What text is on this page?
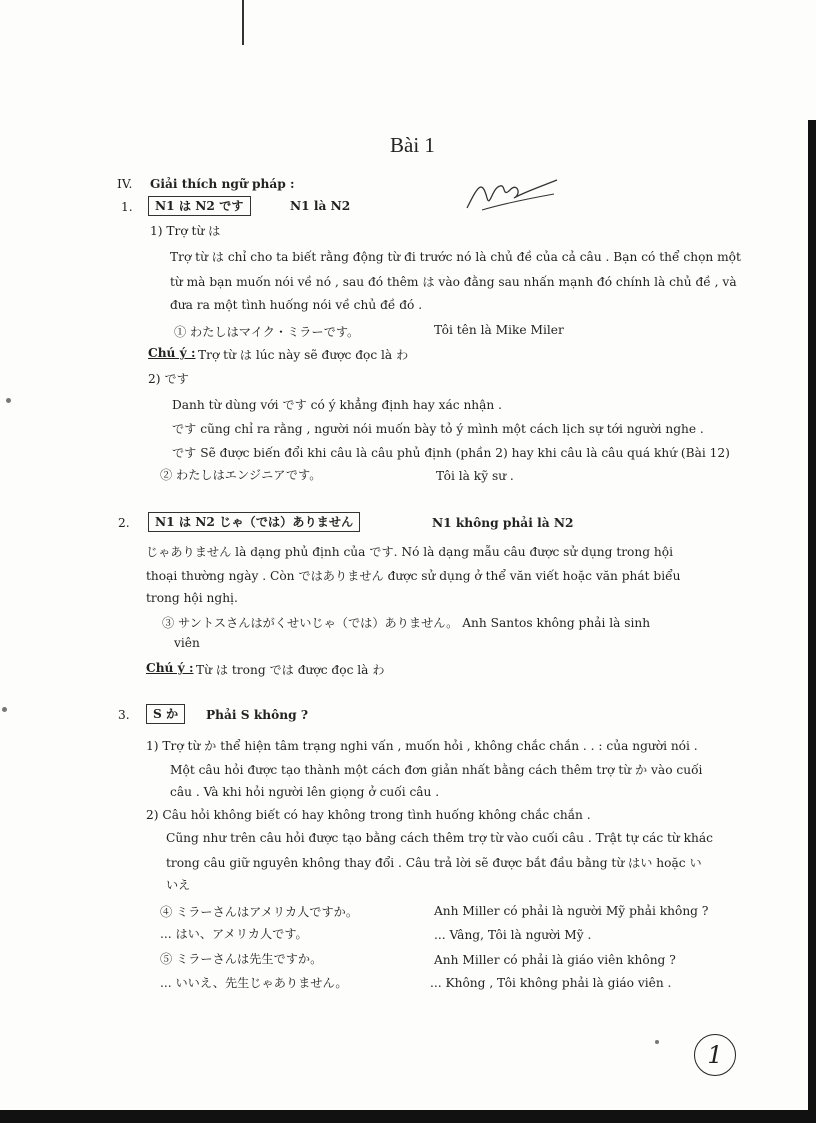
Bài 1
IV. Giải thích ngữ pháp :
1.	N1 は N2 です	N1 là N2
1) Trợ từ は
Trợ từ は chỉ cho ta biết rằng động từ đi trước nó là chủ đề của cả câu . Bạn có thể chọn một
từ mà bạn muốn nói về nó , sau đó thêm は vào đằng sau nhấn mạnh đó chính là chủ đề , và
đưa ra một tình huống nói về chủ đề đó .
① わたしはマイク・ミラーです。	Tôi tên là Mike Miler
Chú ý : Trợ từ は lúc này sẽ được đọc là わ
2) です
Danh từ dùng với です có ý khẳng định hay xác nhận .
です cũng chỉ ra rằng , người nói muốn bày tỏ ý mình một cách lịch sự tới người nghe .
です Sẽ được biến đổi khi câu là câu phủ định (phần 2) hay khi câu là câu quá khứ (Bài 12)
② わたしはエンジニアです。	Tôi là kỹ sư .
2.	N1 は N2 じゃ（では）ありません	N1 không phải là N2
じゃありません là dạng phủ định của です. Nó là dạng mẫu câu được sử dụng trong hội
thoại thường ngày . Còn ではありません được sử dụng ở thể văn viết hoặc văn phát biểu
trong hội nghị.
③ サントスさんはがくせいじゃ（では）ありません。 Anh Santos không phải là sinh
viên
Chú ý : Từ は trong では được đọc là わ
3.	S か	Phải S không ?
1) Trợ từ か thể hiện tâm trạng nghi vấn , muốn hỏi , không chắc chắn . . : của người nói .
Một câu hỏi được tạo thành một cách đơn giản nhất bằng cách thêm trợ từ か vào cuối
câu . Và khi hỏi người lên giọng ở cuối câu .
2) Câu hỏi không biết có hay không trong tình huống không chắc chắn .
Cũng như trên câu hỏi được tạo bằng cách thêm trợ từ vào cuối câu . Trật tự các từ khác
trong câu giữ nguyên không thay đổi . Câu trả lời sẽ được bắt đầu bằng từ はい hoặc い
いえ
④ ミラーさんはアメリカ人ですか。	Anh Miller có phải là người Mỹ phải không ?
... はい、アメリカ人です。	... Vâng, Tôi là người Mỹ .
⑤ ミラーさんは先生ですか。	Anh Miller có phải là giáo viên không ?
... いいえ、先生じゃありません。	... Không , Tôi không phải là giáo viên .
1
